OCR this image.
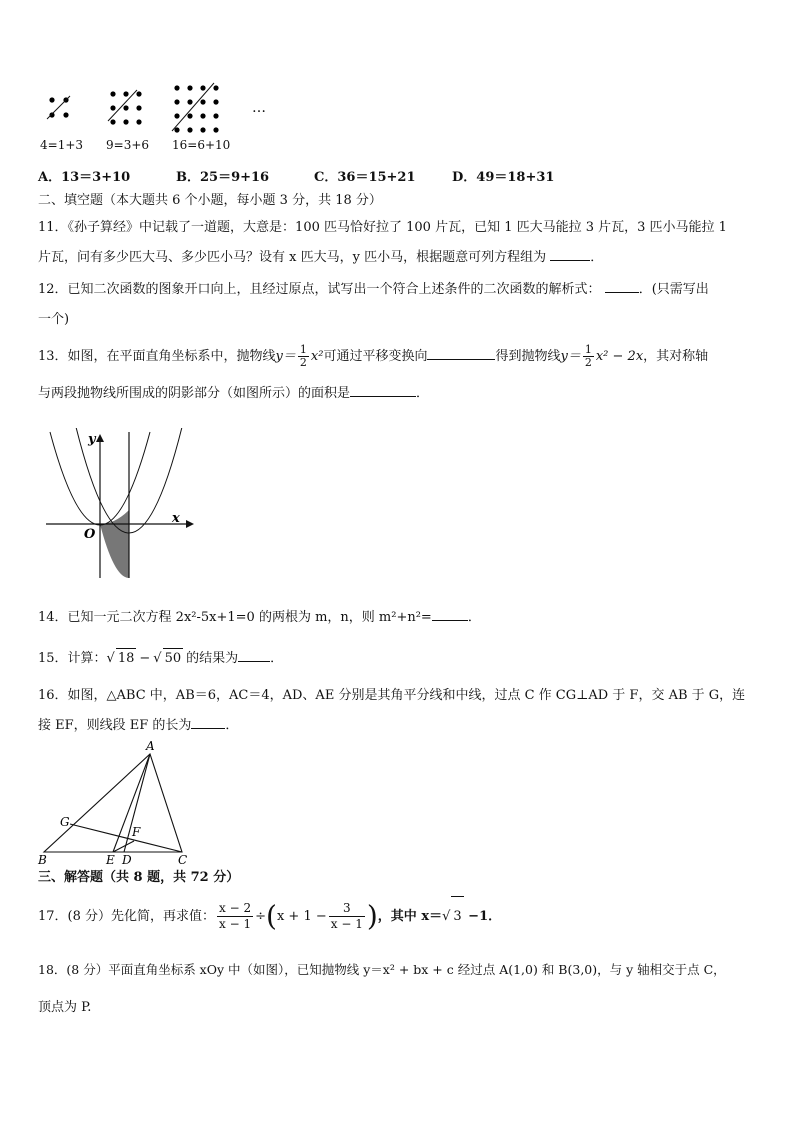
…
4=1+3 9=3+6 16=6+10
A．13＝3+10	B．25＝9+16	C．36＝15+21	D．49＝18+31
二、填空题（本大题共 6 个小题，每小题 3 分，共 18 分）
11．《孙子算经》中记载了一道题，大意是：100 匹马恰好拉了 100 片瓦，已知 1 匹大马能拉 3 片瓦，3 匹小马能拉 1
片瓦，问有多少匹大马、多少匹小马？设有 x 匹大马，y 匹小马，根据题意可列方程组为	．
12．已知二次函数的图象开口向上，且经过原点，试写出一个符合上述条件的二次函数的解析式：	．(只需写出
一个)
13．如图，在平面直角坐标系中，抛物线$y= \frac{1}{2} x^2$可通过平移变换向	得到抛物线$y= \frac{1}{2} x^2 - 2x$，其对称轴
与两段抛物线所围成的阴影部分（如图所示）的面积是	．
y
x
O
14．已知一元二次方程 2x²-5x+1=0 的两根为 m，n，则 m²+n²=	．
15．计算：√ 18 − √ 50 的结果为 ．
16．如图，△ABC 中，AB＝6，AC＝4，AD、AE 分别是其角平分线和中线，过点 C 作 CG⊥AD 于 F，交 AB 于 G，连
接 EF，则线段 EF 的长为	．
A
B	C
D
E
F
G
三、解答题（共 8 题，共 72 分）
17．(8 分）先化简，再求值： $\frac{x - 2}{x - 1} \div(x + 1 - \frac{3}{x - 1}$ )，其中 x＝√ 3 −1．
18．(8 分）平面直角坐标系 xOy 中（如图），已知抛物线 y＝x² + bx + c 经过点 A(1,0) 和 B(3,0)，与 y 轴相交于点 C，
顶点为 P.
